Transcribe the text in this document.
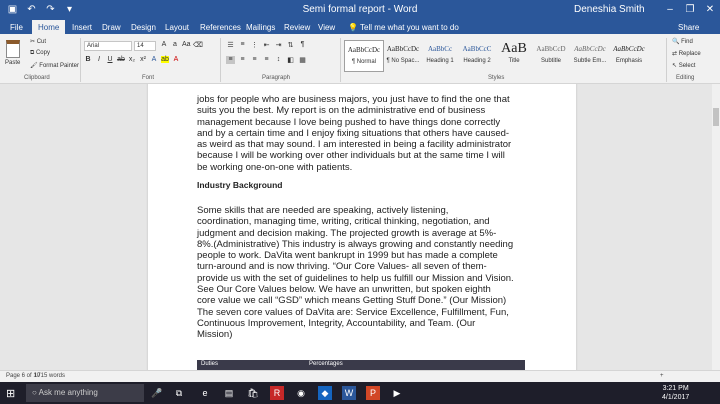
▣ ↶ ↷	▾	Semi formal report - Word	Deneshia Smith	–	❐	✕
File	Home	Insert Draw Design Layout References Mailings Review View 💡 Tell me what you want to do	Share
Paste
✂ Cut
⧉ Copy
🖌 Format Painter
Clipboard
Arial	14	A a Aa ⌫
B	I	U ab x₂ x² A ab A
Font
☰ ≡ ⋮ ⇤ ⇥ ⇅	¶
≡	≡	≡	≡	↕ ◧ ▦
Paragraph
AaBbCcDc
¶ Normal
AaBbCcDc
¶ No Spac...
AaBbCc
Heading 1
AaBbCcC
Heading 2
AaB
Title
AaBbCcD
Subtitle
AaBbCcDc
Subtle Em...
AaBbCcDc
Emphasis
Styles
🔍 Find
⇄ Replace
↖ Select
Editing
jobs for people who are business majors, you just have to find the one that
suits you the best. My report is on the administrative end of business
management because I love being pushed to have things done correctly
and by a certain time and I enjoy fixing situations that others have caused-
as weird as that may sound. I am interested in being a facility administrator
because I will be working over other individuals but at the same time I will
be working one-on-one with patients.
Industry Background
Some skills that are needed are speaking, actively listening,
coordination, managing time, writing, critical thinking, negotiation, and
judgment and decision making. The projected growth is average at 5%-
8%.(Administrative) This industry is always growing and constantly needing
people to work. DaVita went bankrupt in 1999 but has made a complete
turn-around and is now thriving. “Our Core Values- all seven of them-
provide us with the set of guidelines to help us fulfill our Mission and Vision.
See Our Core Values below. We have an unwritten, but spoken eighth
core value we call “GSD” which means Getting Stuff Done.” (Our Mission)
The seven core values of DaVita are: Service Excellence, Fulfillment, Fun,
Continuous Improvement, Integrity, Accountability, and Team. (Our
Mission)
Duties	Percentages
Page 6 of 10
1715 words	+
⊞	○ Ask me anything	🎤	⧉	e	▤	🛍	R	◉	◆	W	P	▶	3:21 PM
4/1/2017
